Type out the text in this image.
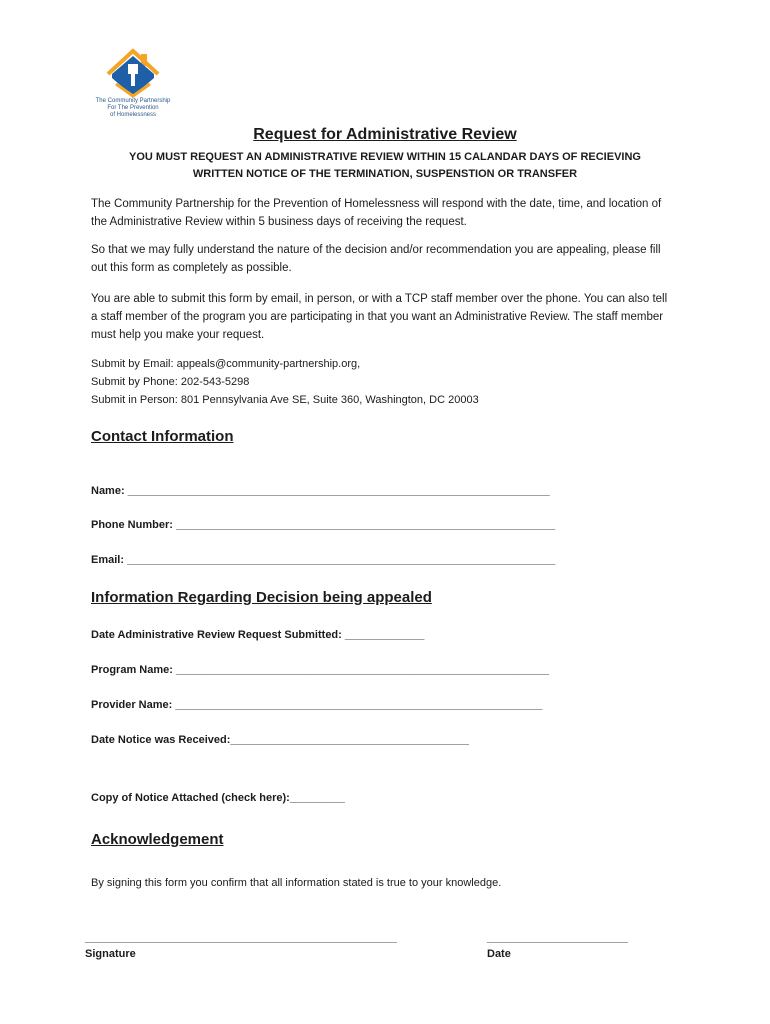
The Community Partnership
For The Prevention
of Homelessness
Request for Administrative Review
YOU MUST REQUEST AN ADMINISTRATIVE REVIEW WITHIN 15 CALANDAR DAYS OF RECIEVING
WRITTEN NOTICE OF THE TERMINATION, SUSPENSTION OR TRANSFER
The Community Partnership for the Prevention of Homelessness will respond with the date, time, and location of the Administrative Review within 5 business days of receiving the request.
So that we may fully understand the nature of the decision and/or recommendation you are appealing, please fill out this form as completely as possible.
You are able to submit this form by email, in person, or with a TCP staff member over the phone. You can also tell a staff member of the program you are participating in that you want an Administrative Review. The staff member must help you make your request.
Submit by Email: appeals@community-partnership.org,
Submit by Phone: 202-543-5298
Submit in Person: 801 Pennsylvania Ave SE, Suite 360, Washington, DC 20003
Contact Information
Name: _____________________________________________________________________
Phone Number: ______________________________________________________________
Email: ______________________________________________________________________
Information Regarding Decision being appealed
Date Administrative Review Request Submitted: _____________
Program Name: _____________________________________________________________
Provider Name: ____________________________________________________________
Date Notice was Received:_______________________________________
Copy of Notice Attached (check here):_________
Acknowledgement
By signing this form you confirm that all information stated is true to your knowledge.
___________________________________________________
Signature
_______________________
Date
